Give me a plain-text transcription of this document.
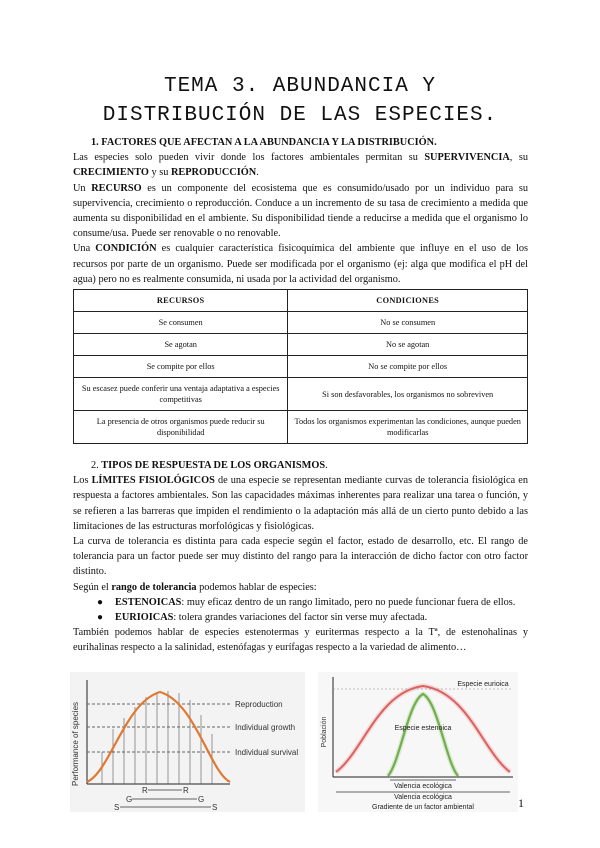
TEMA 3. ABUNDANCIA Y
DISTRIBUCIÓN DE LAS ESPECIES.

1. FACTORES QUE AFECTAN A LA ABUNDANCIA Y LA DISTRIBUCIÓN.

Las especies solo pueden vivir donde los factores ambientales permitan su SUPERVIVENCIA, su CRECIMIENTO y su REPRODUCCIÓN.

Un RECURSO es un componente del ecosistema que es consumido/usado por un individuo para su supervivencia, crecimiento o reproducción. Conduce a un incremento de su tasa de crecimiento a medida que aumenta su disponibilidad en el ambiente. Su disponibilidad tiende a reducirse a medida que el organismo lo consume/usa. Puede ser renovable o no renovable.

Una CONDICIÓN es cualquier característica fisicoquímica del ambiente que influye en el uso de los recursos por parte de un organismo. Puede ser modificada por el organismo (ej: alga que modifica el pH del agua) pero no es realmente consumida, ni usada por la actividad del organismo.

RECURSOS	CONDICIONES
Se consumen	No se consumen
Se agotan	No se agotan
Se compite por ellos	No se compite por ellos
Su escasez puede conferir una ventaja adaptativa a especies competitivas	Si son desfavorables, los organismos no sobreviven
La presencia de otros organismos puede reducir su disponibilidad	Todos los organismos experimentan las condiciones, aunque pueden modificarlas

2. TIPOS DE RESPUESTA DE LOS ORGANISMOS.

Los LÍMITES FISIOLÓGICOS de una especie se representan mediante curvas de tolerancia fisiológica en respuesta a factores ambientales. Son las capacidades máximas inherentes para realizar una tarea o función, y se refieren a las barreras que impiden el rendimiento o la adaptación más allá de un cierto punto debido a las limitaciones de las estructuras morfológicas y fisiológicas.

La curva de tolerancia es distinta para cada especie según el factor, estado de desarrollo, etc. El rango de tolerancia para un factor puede ser muy distinto del rango para la interacción de dicho factor con otro factor distinto.

Según el rango de tolerancia podemos hablar de especies:

● ESTENOICAS: muy eficaz dentro de un rango limitado, pero no puede funcionar fuera de ellos.
● EURIOICAS: tolera grandes variaciones del factor sin verse muy afectada.

También podemos hablar de especies estenotermas y euritermas respecto a la Tª, de estenohalinas y eurihalinas respecto a la salinidad, estenófagas y eurífagas respecto a la variedad de alimento…

Performance of species	Reproduction
Individual growth
Individual survival
R	R
G	G
S	S
Población
Especie eurioica
Especie estenoica
Valencia ecológica
Valencia ecológica
Gradiente de un factor ambiental	1
